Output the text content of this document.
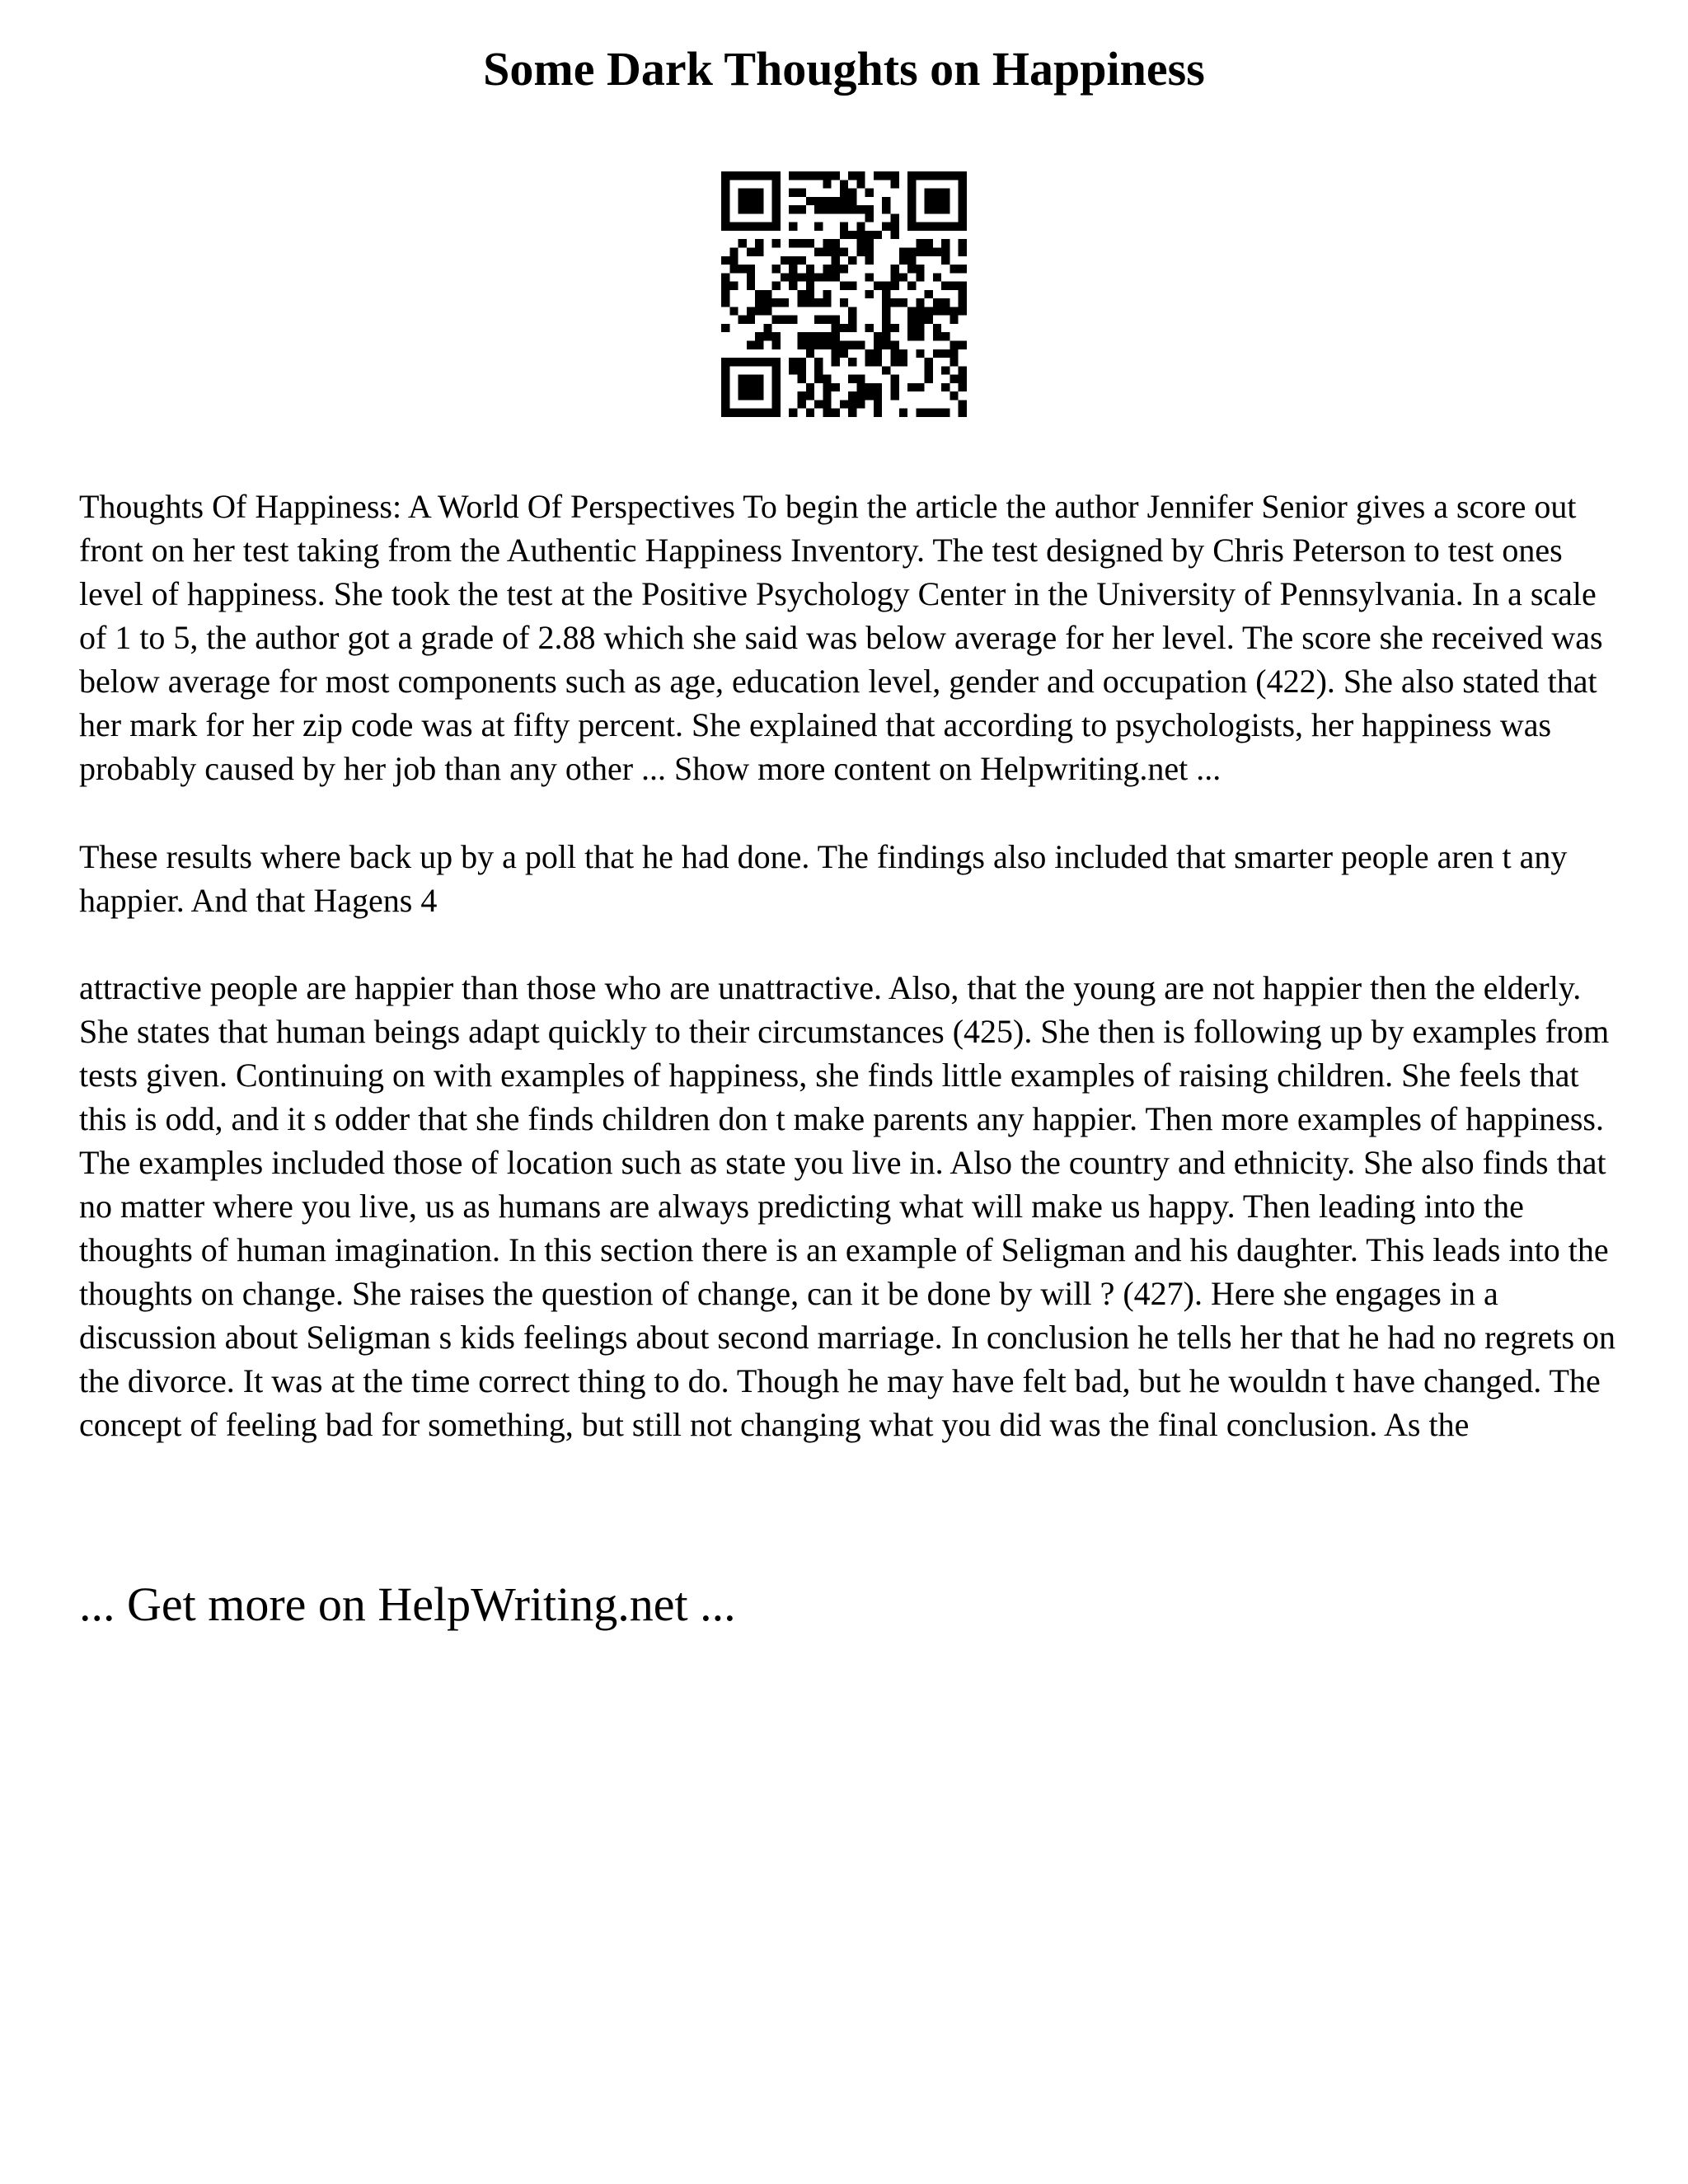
Some Dark Thoughts on Happiness

Thoughts Of Happiness: A World Of Perspectives To begin the article the author Jennifer Senior gives a score out front on her test taking from the Authentic Happiness Inventory. The test designed by Chris Peterson to test ones level of happiness. She took the test at the Positive Psychology Center in the University of Pennsylvania. In a scale of 1 to 5, the author got a grade of 2.88 which she said was below average for her level. The score she received was below average for most components such as age, education level, gender and occupation (422). She also stated that her mark for her zip code was at fifty percent. She explained that according to psychologists, her happiness was probably caused by her job than any other ... Show more content on Helpwriting.net ...

These results where back up by a poll that he had done. The findings also included that smarter people aren t any happier. And that Hagens 4

attractive people are happier than those who are unattractive. Also, that the young are not happier then the elderly. She states that human beings adapt quickly to their circumstances (425). She then is following up by examples from tests given. Continuing on with examples of happiness, she finds little examples of raising children. She feels that this is odd, and it s odder that she finds children don t make parents any happier. Then more examples of happiness. The examples included those of location such as state you live in. Also the country and ethnicity. She also finds that no matter where you live, us as humans are always predicting what will make us happy. Then leading into the thoughts of human imagination. In this section there is an example of Seligman and his daughter. This leads into the thoughts on change. She raises the question of change, can it be done by will ? (427). Here she engages in a discussion about Seligman s kids feelings about second marriage. In conclusion he tells her that he had no regrets on the divorce. It was at the time correct thing to do. Though he may have felt bad, but he wouldn t have changed. The concept of feeling bad for something, but still not changing what you did was the final conclusion. As the

... Get more on HelpWriting.net ...
